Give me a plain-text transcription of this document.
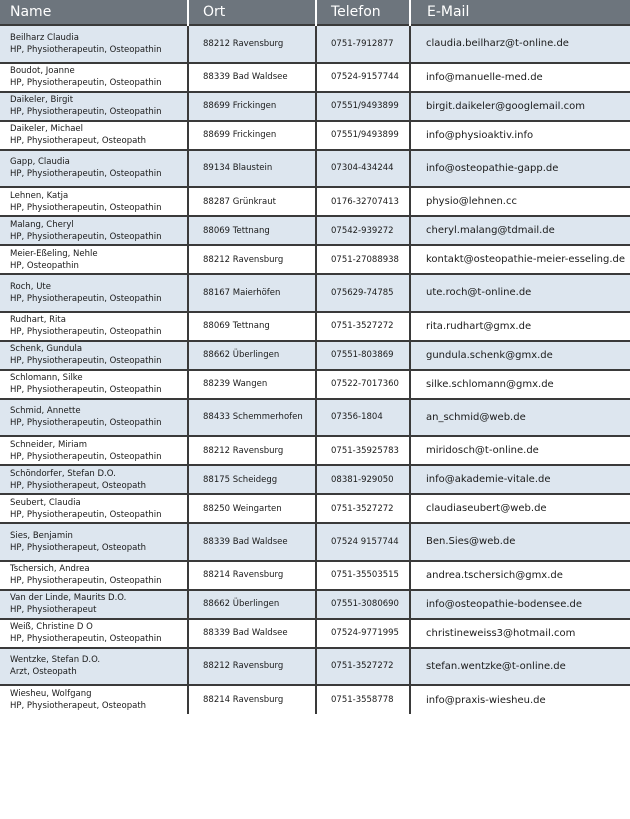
Name	Ort	Telefon	E-Mail

Beilharz Claudia
HP, Physiotherapeutin, Osteopathin	88212 Ravensburg	0751-7912877	claudia.beilharz@t-online.de

Boudot, Joanne
HP, Physiotherapeutin, Osteopathin	88339 Bad Waldsee	07524-9157744	info@manuelle-med.de

Daikeler, Birgit
HP, Physiotherapeutin, Osteopathin	88699 Frickingen	07551/9493899	birgit.daikeler@googlemail.com

Daikeler, Michael
HP, Physiotherapeut, Osteopath	88699 Frickingen	07551/9493899	info@physioaktiv.info

Gapp, Claudia
HP, Physiotherapeutin, Osteopathin	89134 Blaustein	07304-434244	info@osteopathie-gapp.de

Lehnen, Katja
HP, Physiotherapeutin, Osteopathin	88287 Grünkraut	0176-32707413	physio@lehnen.cc

Malang, Cheryl
HP, Physiotherapeutin, Osteopathin	88069 Tettnang	07542-939272	cheryl.malang@tdmail.de

Meier-Eßeling, Nehle
HP, Osteopathin	88212 Ravensburg	0751-27088938	kontakt@osteopathie-meier-esseling.de

Roch, Ute
HP, Physiotherapeutin, Osteopathin	88167 Maierhöfen	075629-74785	ute.roch@t-online.de

Rudhart, Rita
HP, Physiotherapeutin, Osteopathin	88069 Tettnang	0751-3527272	rita.rudhart@gmx.de

Schenk, Gundula
HP, Physiotherapeutin, Osteopathin	88662 Überlingen	07551-803869	gundula.schenk@gmx.de

Schlomann, Silke
HP, Physiotherapeutin, Osteopathin	88239 Wangen	07522-7017360	silke.schlomann@gmx.de

Schmid, Annette
HP, Physiotherapeutin, Osteopathin	88433 Schemmerhofen	07356-1804	an_schmid@web.de

Schneider, Miriam
HP, Physiotherapeutin, Osteopathin	88212 Ravensburg	0751-35925783	miridosch@t-online.de

Schöndorfer, Stefan D.O.
HP, Physiotherapeut, Osteopath	88175 Scheidegg	08381-929050	info@akademie-vitale.de

Seubert, Claudia
HP, Physiotherapeutin, Osteopathin	88250 Weingarten	0751-3527272	claudiaseubert@web.de

Sies, Benjamin
HP, Physiotherapeut, Osteopath	88339 Bad Waldsee	07524 9157744	Ben.Sies@web.de

Tschersich, Andrea
HP, Physiotherapeutin, Osteopathin	88214 Ravensburg	0751-35503515	andrea.tschersich@gmx.de

Van der Linde, Maurits D.O.
HP, Physiotherapeut	88662 Überlingen	07551-3080690	info@osteopathie-bodensee.de

Weiß, Christine D O
HP, Physiotherapeutin, Osteopathin	88339 Bad Waldsee	07524-9771995	christineweiss3@hotmail.com

Wentzke, Stefan D.O.
Arzt, Osteopath	88212 Ravensburg	0751-3527272	stefan.wentzke@t-online.de

Wiesheu, Wolfgang
HP, Physiotherapeut, Osteopath	88214 Ravensburg	0751-3558778	info@praxis-wiesheu.de
